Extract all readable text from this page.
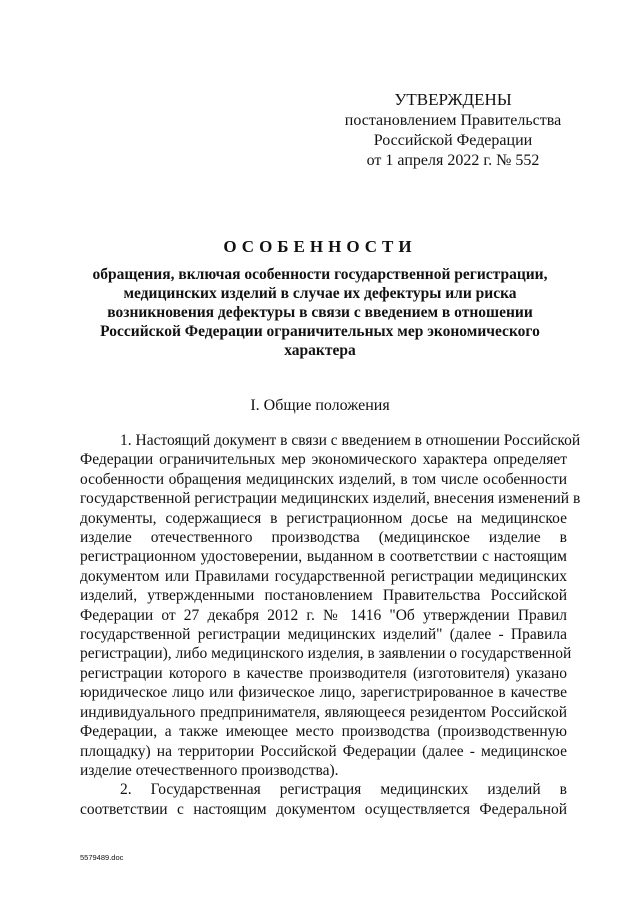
УТВЕРЖДЕНЫ
постановлением Правительства
Российской Федерации
от 1 апреля 2022 г. № 552
ОСОБЕННОСТИ
обращения, включая особенности государственной регистрации,
медицинских изделий в случае их дефектуры или риска
возникновения дефектуры в связи с введением в отношении
Российской Федерации ограничительных мер экономического
характера
I. Общие положения
1. Настоящий документ в связи с введением в отношении Российской
Федерации ограничительных мер экономического характера определяет
особенности обращения медицинских изделий, в том числе особенности
государственной регистрации медицинских изделий, внесения изменений в
документы, содержащиеся в регистрационном досье на медицинское
изделие отечественного производства (медицинское изделие в
регистрационном удостоверении, выданном в соответствии с настоящим
документом или Правилами государственной регистрации медицинских
изделий, утвержденными постановлением Правительства Российской
Федерации от 27 декабря 2012 г. № 1416 "Об утверждении Правил
государственной регистрации медицинских изделий" (далее - Правила
регистрации), либо медицинского изделия, в заявлении о государственной
регистрации которого в качестве производителя (изготовителя) указано
юридическое лицо или физическое лицо, зарегистрированное в качестве
индивидуального предпринимателя, являющееся резидентом Российской
Федерации, а также имеющее место производства (производственную
площадку) на территории Российской Федерации (далее - медицинское
изделие отечественного производства).
2. Государственная регистрация медицинских изделий в
соответствии с настоящим документом осуществляется Федеральной
5579489.doc
